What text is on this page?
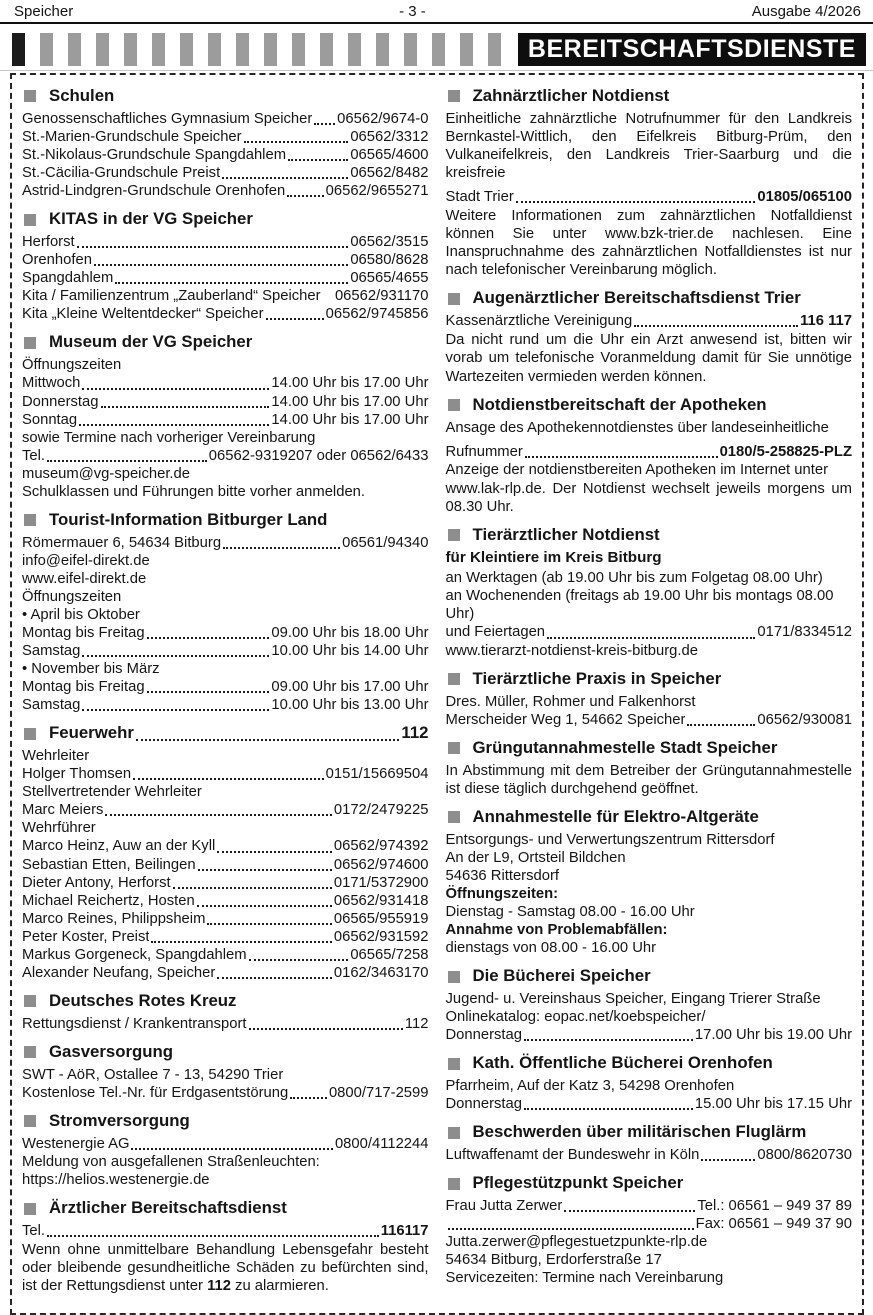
Speicher	- 3 -	Ausgabe 4/2026
BEREITSCHAFTSDIENSTE
Schulen
Genossenschaftliches Gymnasium Speicher 06562/9674-0
St.-Marien-Grundschule Speicher	06562/3312
St.-Nikolaus-Grundschule Spangdahlem	06565/4600
St.-Cäcilia-Grundschule Preist	06562/8482
Astrid-Lindgren-Grundschule Orenhofen	06562/9655271
KITAS in der VG Speicher
Herforst	06562/3515
Orenhofen	06580/8628
Spangdahlem	06565/4655
Kita / Familienzentrum „Zauberland“ Speicher 06562/931170
Kita „Kleine Weltentdecker“ Speicher	06562/9745856
Museum der VG Speicher
Öffnungszeiten
Mittwoch	14.00 Uhr bis 17.00 Uhr
Donnerstag	14.00 Uhr bis 17.00 Uhr
Sonntag	14.00 Uhr bis 17.00 Uhr
sowie Termine nach vorheriger Vereinbarung
Tel.	06562-9319207 oder 06562/6433
museum@vg-speicher.de
Schulklassen und Führungen bitte vorher anmelden.
Tourist-Information Bitburger Land
Römermauer 6, 54634 Bitburg	06561/94340
info@eifel-direkt.de
www.eifel-direkt.de
Öffnungszeiten
• April bis Oktober
Montag bis Freitag	09.00 Uhr bis 18.00 Uhr
Samstag	10.00 Uhr bis 14.00 Uhr
• November bis März
Montag bis Freitag	09.00 Uhr bis 17.00 Uhr
Samstag	10.00 Uhr bis 13.00 Uhr
Feuerwehr	112
Wehrleiter
Holger Thomsen	0151/15669504
Stellvertretender Wehrleiter
Marc Meiers	0172/2479225
Wehrführer
Marco Heinz, Auw an der Kyll	06562/974392
Sebastian Etten, Beilingen	06562/974600
Dieter Antony, Herforst	0171/5372900
Michael Reichertz, Hosten	06562/931418
Marco Reines, Philippsheim	06565/955919
Peter Koster, Preist	06562/931592
Markus Gorgeneck, Spangdahlem	06565/7258
Alexander Neufang, Speicher	0162/3463170
Deutsches Rotes Kreuz
Rettungsdienst / Krankentransport	112
Gasversorgung
SWT - AöR, Ostallee 7 - 13, 54290 Trier
Kostenlose Tel.-Nr. für Erdgasentstörung	0800/717-2599
Stromversorgung
Westenergie AG	0800/4112244
Meldung von ausgefallenen Straßenleuchten:
https://helios.westenergie.de
Ärztlicher Bereitschaftsdienst
Tel.	116117
Wenn ohne unmittelbare Behandlung Lebensgefahr besteht oder bleibende gesundheitliche Schäden zu befürchten sind, ist der Rettungsdienst unter 112 zu alarmieren.
Zahnärztlicher Notdienst
Einheitliche zahnärztliche Notrufnummer für den Landkreis Bernkastel-Wittlich, den Eifelkreis Bitburg-Prüm, den Vulkaneifelkreis, den Landkreis Trier-Saarburg und die kreisfreie
Stadt Trier	01805/065100
Weitere Informationen zum zahnärztlichen Notfalldienst können Sie unter www.bzk-trier.de nachlesen. Eine Inanspruchnahme des zahnärztlichen Notfalldienstes ist nur nach telefonischer Vereinbarung möglich.
Augenärztlicher Bereitschaftsdienst Trier
Kassenärztliche Vereinigung	116 117
Da nicht rund um die Uhr ein Arzt anwesend ist, bitten wir vorab um telefonische Voranmeldung damit für Sie unnötige Wartezeiten vermieden werden können.
Notdienstbereitschaft der Apotheken
Ansage des Apothekennotdienstes über landeseinheitliche
Rufnummer	0180/5-258825-PLZ
Anzeige der notdienstbereiten Apotheken im Internet unter
www.lak-rlp.de. Der Notdienst wechselt jeweils morgens um 08.30 Uhr.
Tierärztlicher Notdienst
für Kleintiere im Kreis Bitburg
an Werktagen (ab 19.00 Uhr bis zum Folgetag 08.00 Uhr)
an Wochenenden (freitags ab 19.00 Uhr bis montags 08.00 Uhr)
und Feiertagen	0171/8334512
www.tierarzt-notdienst-kreis-bitburg.de
Tierärztliche Praxis in Speicher
Dres. Müller, Rohmer und Falkenhorst
Merscheider Weg 1, 54662 Speicher	06562/930081
Grüngutannahmestelle Stadt Speicher
In Abstimmung mit dem Betreiber der Grüngutannahmestelle ist diese täglich durchgehend geöffnet.
Annahmestelle für Elektro-Altgeräte
Entsorgungs- und Verwertungszentrum Rittersdorf
An der L9, Ortsteil Bildchen
54636 Rittersdorf
Öffnungszeiten:
Dienstag - Samstag 08.00 - 16.00 Uhr
Annahme von Problemabfällen:
dienstags von 08.00 - 16.00 Uhr
Die Bücherei Speicher
Jugend- u. Vereinshaus Speicher, Eingang Trierer Straße
Onlinekatalog: eopac.net/koebspeicher/
Donnerstag	17.00 Uhr bis 19.00 Uhr
Kath. Öffentliche Bücherei Orenhofen
Pfarrheim, Auf der Katz 3, 54298 Orenhofen
Donnerstag	15.00 Uhr bis 17.15 Uhr
Beschwerden über militärischen Fluglärm
Luftwaffenamt der Bundeswehr in Köln	0800/8620730
Pflegestützpunkt Speicher
Frau Jutta Zerwer	Tel.: 06561 – 949 37 89
Fax: 06561 – 949 37 90
Jutta.zerwer@pflegestuetzpunkte-rlp.de
54634 Bitburg, Erdorferstraße 17
Servicezeiten: Termine nach Vereinbarung
